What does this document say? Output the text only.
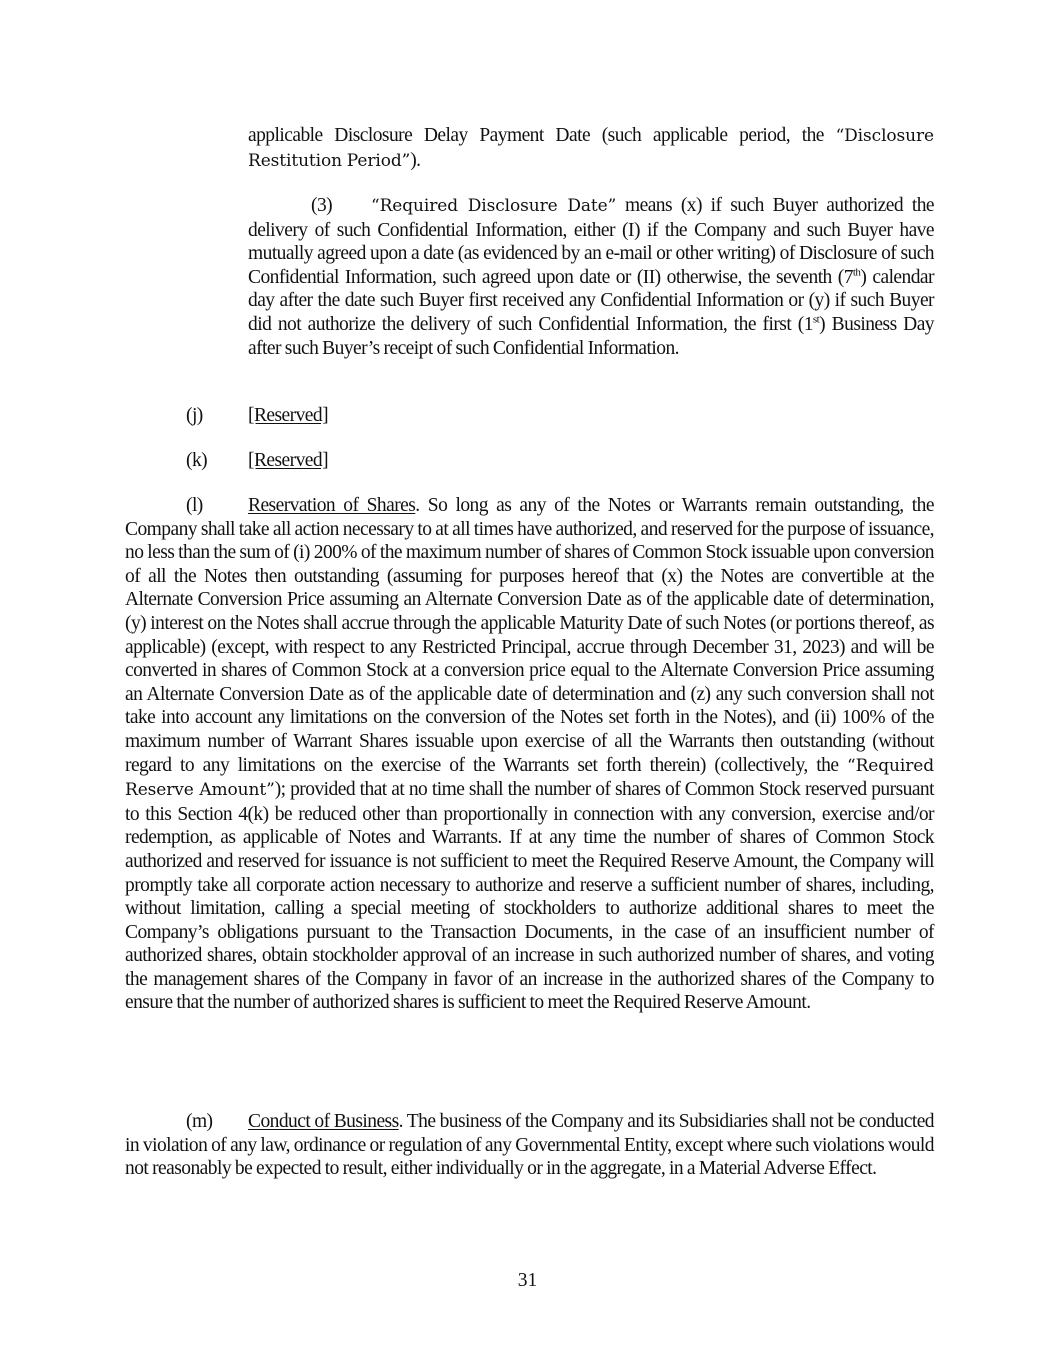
applicable Disclosure Delay Payment Date (such applicable period, the “Disclosure Restitution Period”).
(3) “Required Disclosure Date” means (x) if such Buyer authorized the delivery of such Confidential Information, either (I) if the Company and such Buyer have mutually agreed upon a date (as evidenced by an e-mail or other writing) of Disclosure of such Confidential Information, such agreed upon date or (II) otherwise, the seventh (7th) calendar day after the date such Buyer first received any Confidential Information or (y) if such Buyer did not authorize the delivery of such Confidential Information, the first (1st) Business Day after such Buyer’s receipt of such Confidential Information.
(j) [Reserved]
(k) [Reserved]
(l) Reservation of Shares. So long as any of the Notes or Warrants remain outstanding, the Company shall take all action necessary to at all times have authorized, and reserved for the purpose of issuance, no less than the sum of (i) 200% of the maximum number of shares of Common Stock issuable upon conversion of all the Notes then outstanding (assuming for purposes hereof that (x) the Notes are convertible at the Alternate Conversion Price assuming an Alternate Conversion Date as of the applicable date of determination, (y) interest on the Notes shall accrue through the applicable Maturity Date of such Notes (or portions thereof, as applicable) (except, with respect to any Restricted Principal, accrue through December 31, 2023) and will be converted in shares of Common Stock at a conversion price equal to the Alternate Conversion Price assuming an Alternate Conversion Date as of the applicable date of determination and (z) any such conversion shall not take into account any limitations on the conversion of the Notes set forth in the Notes), and (ii) 100% of the maximum number of Warrant Shares issuable upon exercise of all the Warrants then outstanding (without regard to any limitations on the exercise of the Warrants set forth therein) (collectively, the “Required Reserve Amount”); provided that at no time shall the number of shares of Common Stock reserved pursuant to this Section 4(k) be reduced other than proportionally in connection with any conversion, exercise and/or redemption, as applicable of Notes and Warrants. If at any time the number of shares of Common Stock authorized and reserved for issuance is not sufficient to meet the Required Reserve Amount, the Company will promptly take all corporate action necessary to authorize and reserve a sufficient number of shares, including, without limitation, calling a special meeting of stockholders to authorize additional shares to meet the Company’s obligations pursuant to the Transaction Documents, in the case of an insufficient number of authorized shares, obtain stockholder approval of an increase in such authorized number of shares, and voting the management shares of the Company in favor of an increase in the authorized shares of the Company to ensure that the number of authorized shares is sufficient to meet the Required Reserve Amount.
(m) Conduct of Business. The business of the Company and its Subsidiaries shall not be conducted in violation of any law, ordinance or regulation of any Governmental Entity, except where such violations would not reasonably be expected to result, either individually or in the aggregate, in a Material Adverse Effect.
31
